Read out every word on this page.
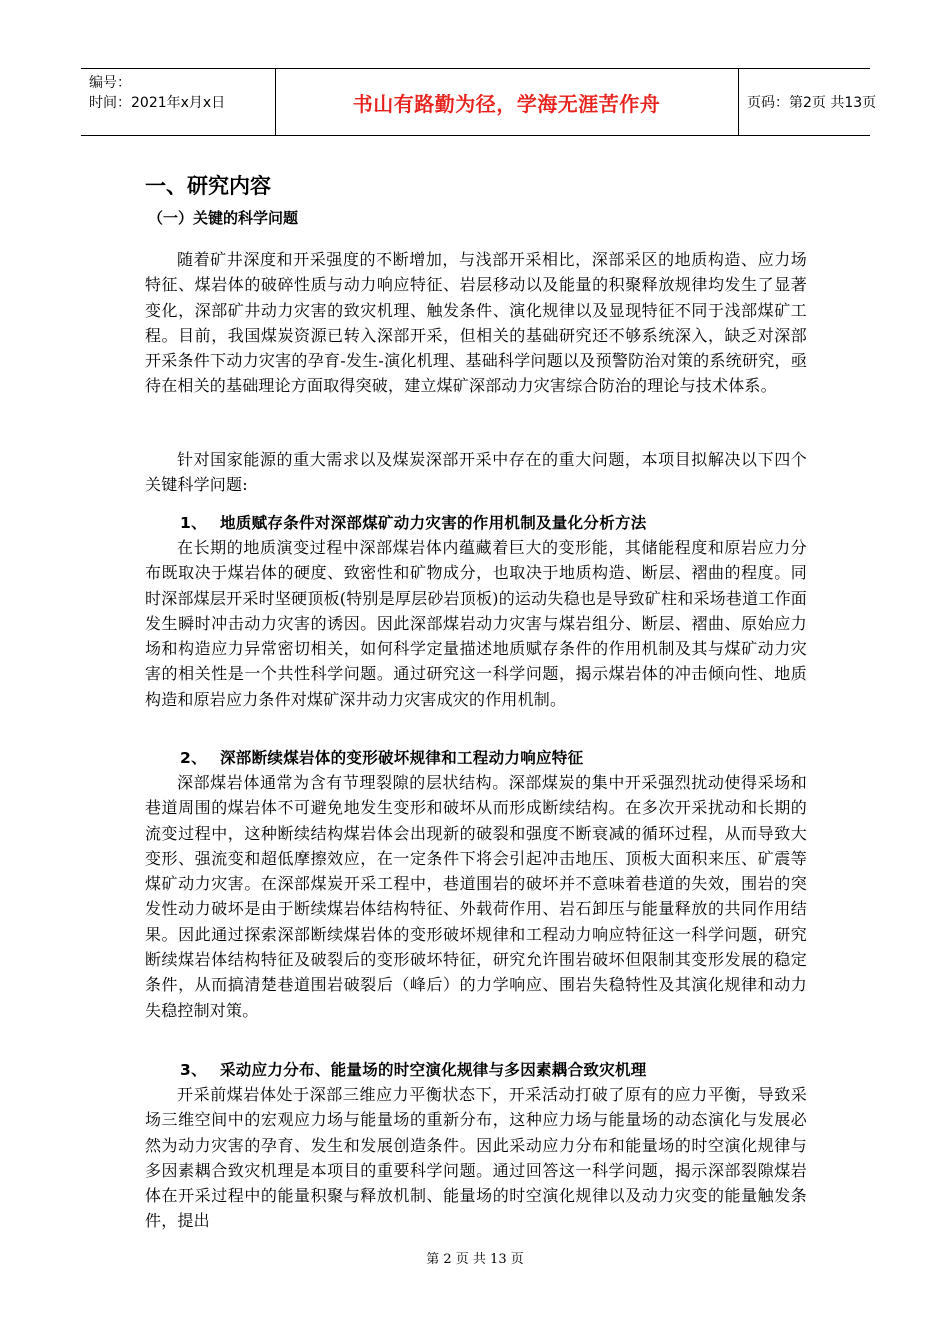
编号：
时间：2021年x月x日	书山有路勤为径，学海无涯苦作舟	页码：第2页 共13页
一、研究内容
（一）关键的科学问题

随着矿井深度和开采强度的不断增加，与浅部开采相比，深部采区的地质构造、应力场特征、煤岩体的破碎性质与动力响应特征、岩层移动以及能量的积聚释放规律均发生了显著变化，深部矿井动力灾害的致灾机理、触发条件、演化规律以及显现特征不同于浅部煤矿工程。目前，我国煤炭资源已转入深部开采，但相关的基础研究还不够系统深入，缺乏对深部开采条件下动力灾害的孕育-发生-演化机理、基础科学问题以及预警防治对策的系统研究，亟待在相关的基础理论方面取得突破，建立煤矿深部动力灾害综合防治的理论与技术体系。

针对国家能源的重大需求以及煤炭深部开采中存在的重大问题，本项目拟解决以下四个关键科学问题:

1、 地质赋存条件对深部煤矿动力灾害的作用机制及量化分析方法

在长期的地质演变过程中深部煤岩体内蕴藏着巨大的变形能，其储能程度和原岩应力分布既取决于煤岩体的硬度、致密性和矿物成分，也取决于地质构造、断层、褶曲的程度。同时深部煤层开采时坚硬顶板(特别是厚层砂岩顶板)的运动失稳也是导致矿柱和采场巷道工作面发生瞬时冲击动力灾害的诱因。因此深部煤岩动力灾害与煤岩组分、断层、褶曲、原始应力场和构造应力异常密切相关，如何科学定量描述地质赋存条件的作用机制及其与煤矿动力灾害的相关性是一个共性科学问题。通过研究这一科学问题，揭示煤岩体的冲击倾向性、地质构造和原岩应力条件对煤矿深井动力灾害成灾的作用机制。

2、 深部断续煤岩体的变形破坏规律和工程动力响应特征

深部煤岩体通常为含有节理裂隙的层状结构。深部煤炭的集中开采强烈扰动使得采场和巷道周围的煤岩体不可避免地发生变形和破坏从而形成断续结构。在多次开采扰动和长期的流变过程中，这种断续结构煤岩体会出现新的破裂和强度不断衰减的循环过程，从而导致大变形、强流变和超低摩擦效应，在一定条件下将会引起冲击地压、顶板大面积来压、矿震等煤矿动力灾害。在深部煤炭开采工程中，巷道围岩的破坏并不意味着巷道的失效，围岩的突发性动力破坏是由于断续煤岩体结构特征、外载荷作用、岩石卸压与能量释放的共同作用结果。因此通过探索深部断续煤岩体的变形破坏规律和工程动力响应特征这一科学问题，研究断续煤岩体结构特征及破裂后的变形破坏特征，研究允许围岩破坏但限制其变形发展的稳定条件，从而搞清楚巷道围岩破裂后（峰后）的力学响应、围岩失稳特性及其演化规律和动力失稳控制对策。

3、 采动应力分布、能量场的时空演化规律与多因素耦合致灾机理

开采前煤岩体处于深部三维应力平衡状态下，开采活动打破了原有的应力平衡，导致采场三维空间中的宏观应力场与能量场的重新分布，这种应力场与能量场的动态演化与发展必然为动力灾害的孕育、发生和发展创造条件。因此采动应力分布和能量场的时空演化规律与多因素耦合致灾机理是本项目的重要科学问题。通过回答这一科学问题，揭示深部裂隙煤岩体在开采过程中的能量积聚与释放机制、能量场的时空演化规律以及动力灾变的能量触发条件，提出

第 2 页 共 13 页
